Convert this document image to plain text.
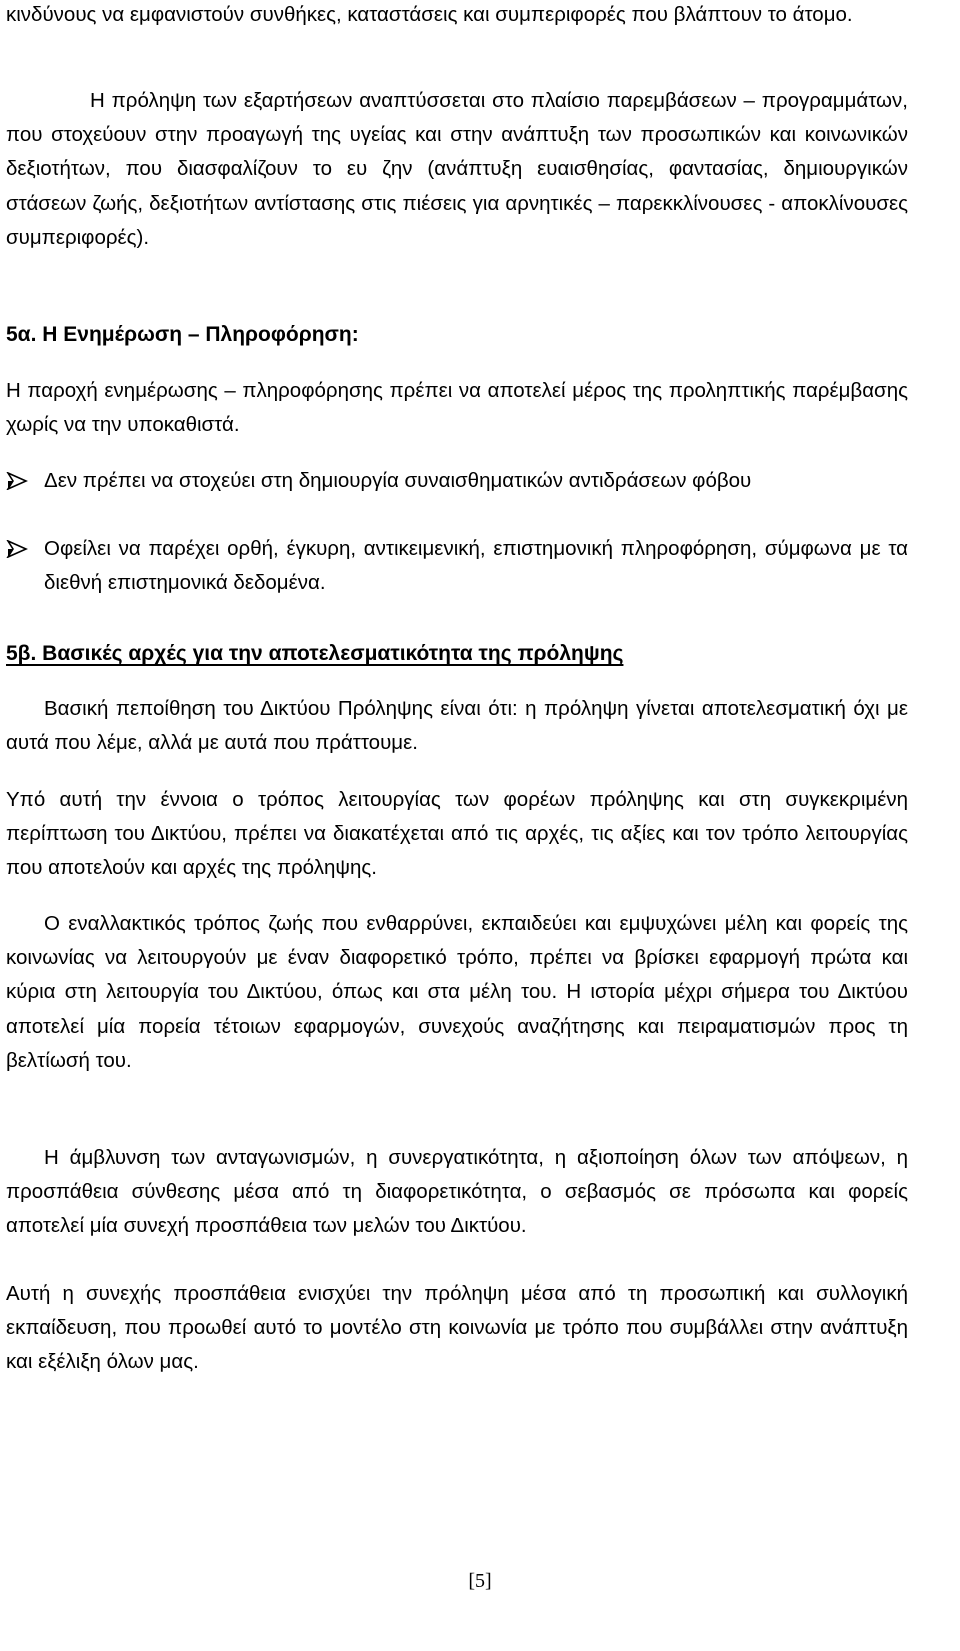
κινδύνους να εμφανιστούν συνθήκες, καταστάσεις και συμπεριφορές που βλάπτουν το άτομο.

Η πρόληψη των εξαρτήσεων αναπτύσσεται στο πλαίσιο παρεμβάσεων – προγραμμάτων, που στοχεύουν στην προαγωγή της υγείας και στην ανάπτυξη των προσωπικών και κοινωνικών δεξιοτήτων, που διασφαλίζουν το ευ ζην (ανάπτυξη ευαισθησίας, φαντασίας, δημιουργικών στάσεων ζωής, δεξιοτήτων αντίστασης στις πιέσεις για αρνητικές – παρεκκλίνουσες - αποκλίνουσες συμπεριφορές).

5α. Η Ενημέρωση – Πληροφόρηση:

Η παροχή ενημέρωσης – πληροφόρησης πρέπει να αποτελεί μέρος της προληπτικής παρέμβασης χωρίς να την υποκαθιστά.

Δεν πρέπει να στοχεύει στη δημιουργία συναισθηματικών αντιδράσεων φόβου
Οφείλει να παρέχει ορθή, έγκυρη, αντικειμενική, επιστημονική πληροφόρηση, σύμφωνα με τα διεθνή επιστημονικά δεδομένα.
5β. Βασικές αρχές για την αποτελεσματικότητα της πρόληψης

Βασική πεποίθηση του Δικτύου Πρόληψης είναι ότι: η πρόληψη γίνεται αποτελεσματική όχι με αυτά που λέμε, αλλά με αυτά που πράττουμε.

Υπό αυτή την έννοια ο τρόπος λειτουργίας των φορέων πρόληψης και στη συγκεκριμένη περίπτωση του Δικτύου, πρέπει να διακατέχεται από τις αρχές, τις αξίες και τον τρόπο λειτουργίας που αποτελούν και αρχές της πρόληψης.

Ο εναλλακτικός τρόπος ζωής που ενθαρρύνει, εκπαιδεύει και εμψυχώνει μέλη και φορείς της κοινωνίας να λειτουργούν με έναν διαφορετικό τρόπο, πρέπει να βρίσκει εφαρμογή πρώτα και κύρια στη λειτουργία του Δικτύου, όπως και στα μέλη του. Η ιστορία μέχρι σήμερα του Δικτύου αποτελεί μία πορεία τέτοιων εφαρμογών, συνεχούς αναζήτησης και πειραματισμών προς τη βελτίωσή του.

Η άμβλυνση των ανταγωνισμών, η συνεργατικότητα, η αξιοποίηση όλων των απόψεων, η προσπάθεια σύνθεσης μέσα από τη διαφορετικότητα, ο σεβασμός σε πρόσωπα και φορείς αποτελεί μία συνεχή προσπάθεια των μελών του Δικτύου.

Αυτή η συνεχής προσπάθεια ενισχύει την πρόληψη μέσα από τη προσωπική και συλλογική εκπαίδευση, που προωθεί αυτό το μοντέλο στη κοινωνία με τρόπο που συμβάλλει στην ανάπτυξη και εξέλιξη όλων μας.

[5]
